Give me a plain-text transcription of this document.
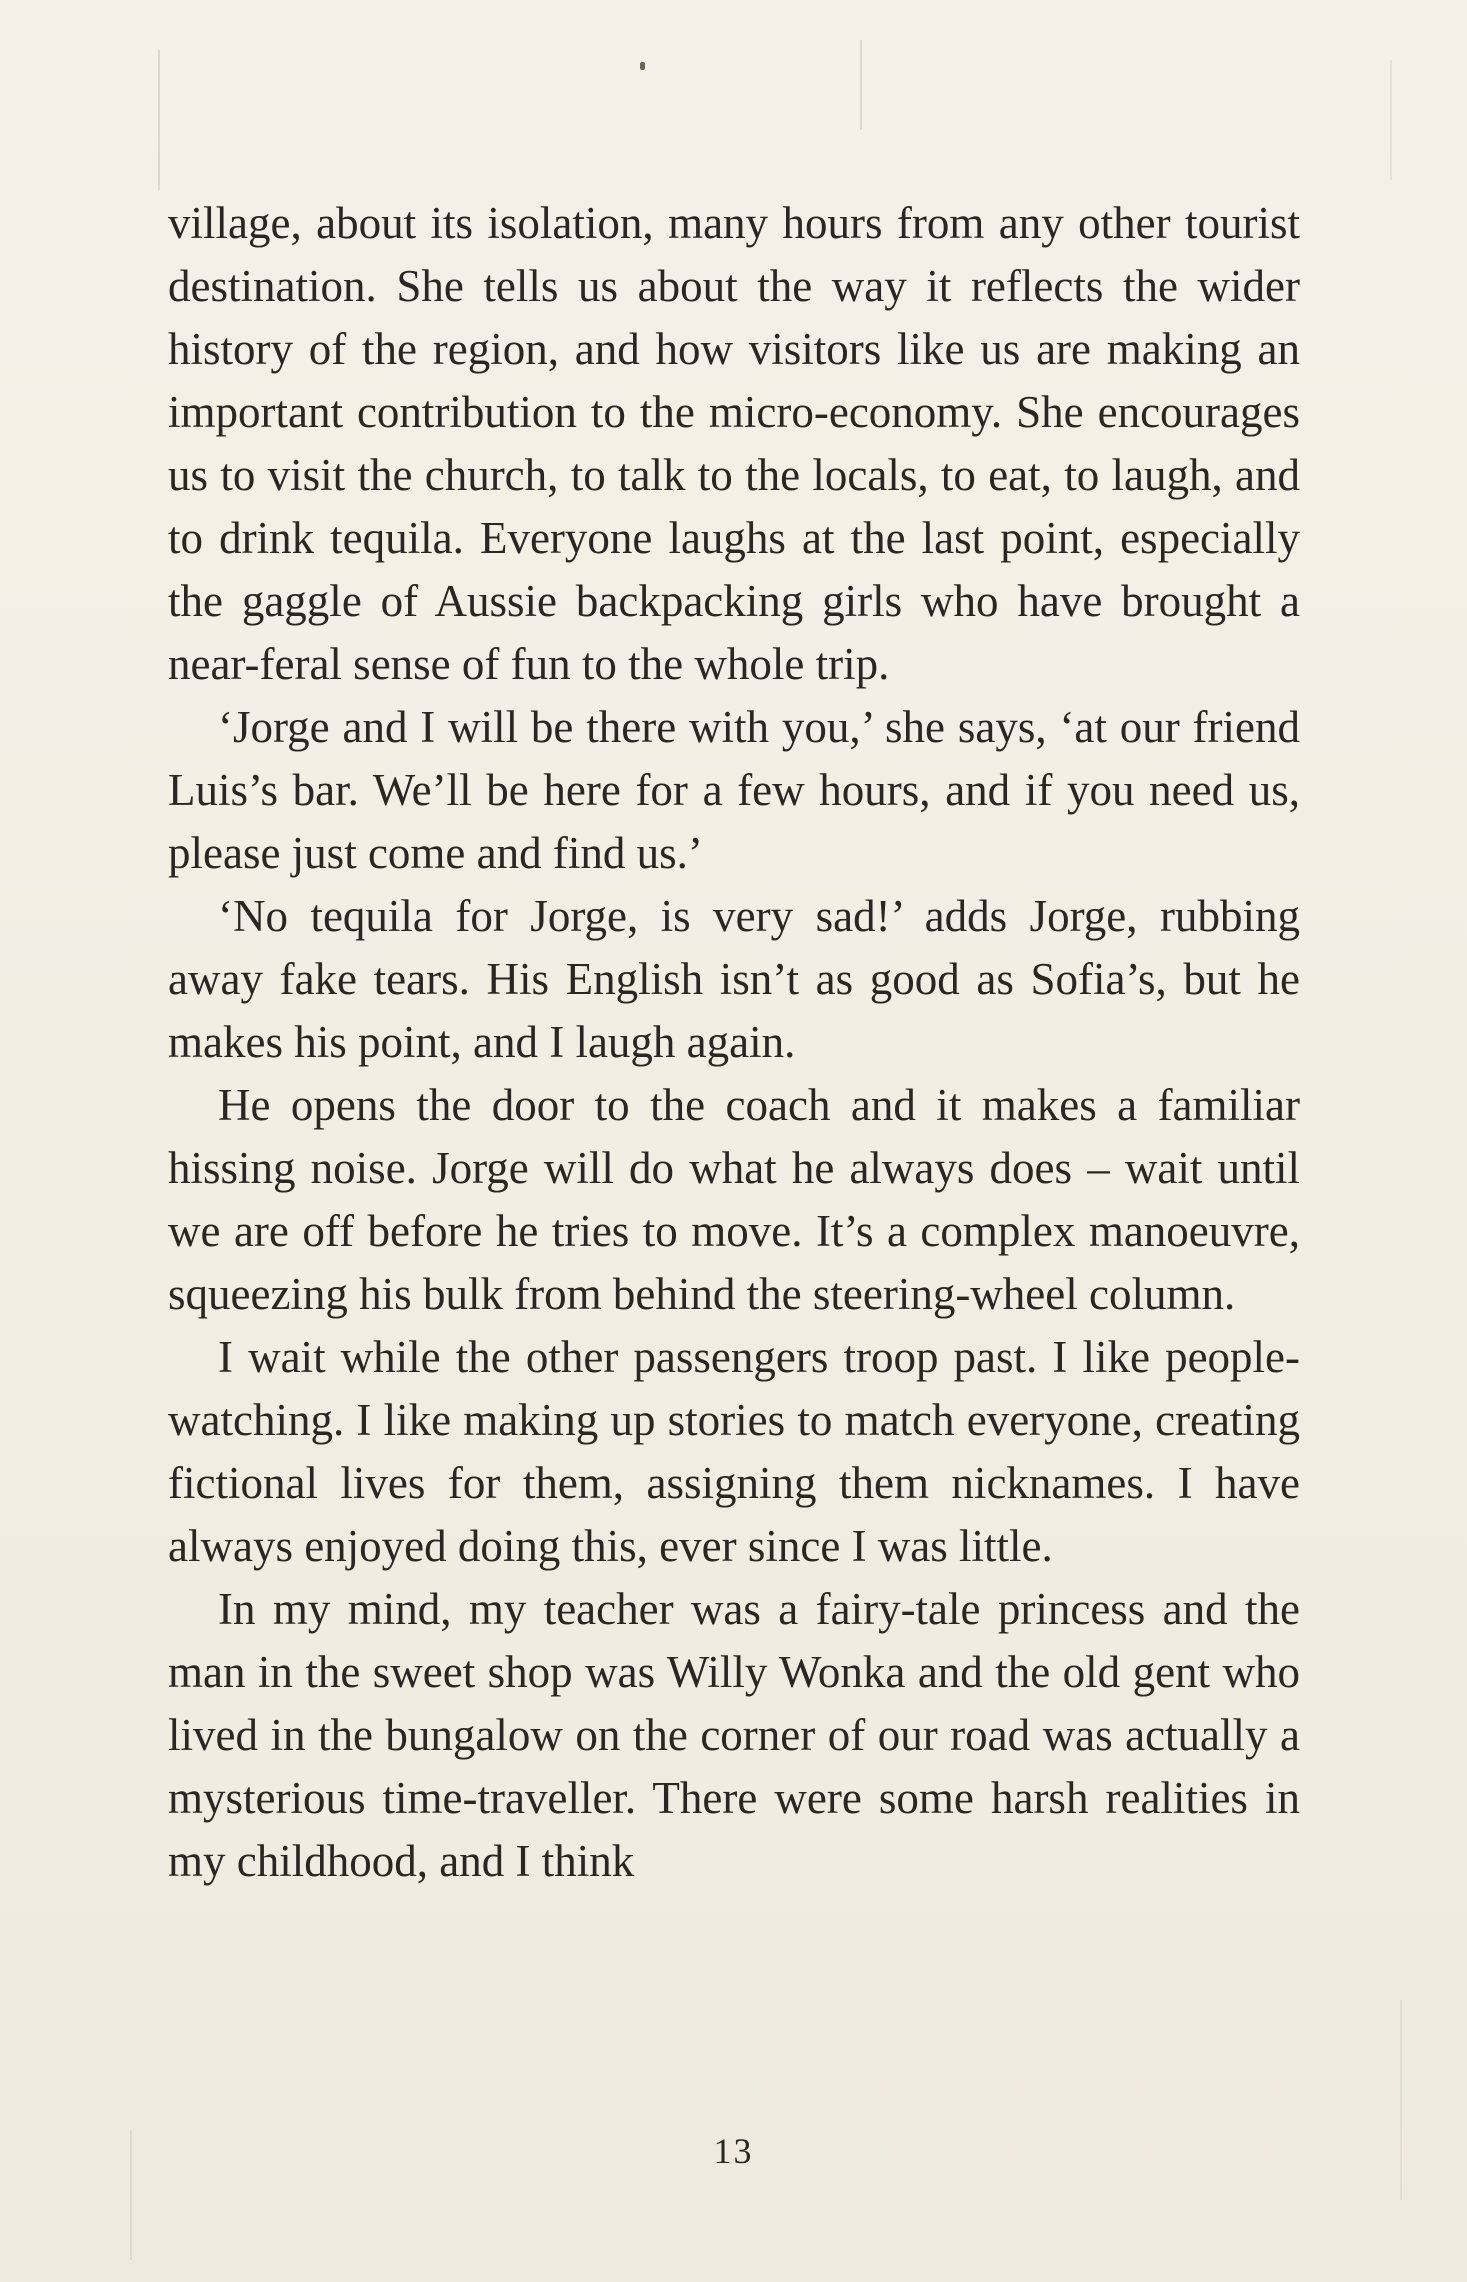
village, about its isolation, many hours from any other tourist destination. She tells us about the way it reflects the wider history of the region, and how visitors like us are making an important contribution to the micro-economy. She encourages us to visit the church, to talk to the locals, to eat, to laugh, and to drink tequila. Everyone laughs at the last point, especially the gaggle of Aussie backpacking girls who have brought a near-feral sense of fun to the whole trip.

‘Jorge and I will be there with you,’ she says, ‘at our friend Luis’s bar. We’ll be here for a few hours, and if you need us, please just come and find us.’

‘No tequila for Jorge, is very sad!’ adds Jorge, rubbing away fake tears. His English isn’t as good as Sofia’s, but he makes his point, and I laugh again.

He opens the door to the coach and it makes a familiar hissing noise. Jorge will do what he always does – wait until we are off before he tries to move. It’s a complex manoeuvre, squeezing his bulk from behind the steering-wheel column.

I wait while the other passengers troop past. I like people-watching. I like making up stories to match everyone, creating fictional lives for them, assigning them nicknames. I have always enjoyed doing this, ever since I was little.

In my mind, my teacher was a fairy-tale princess and the man in the sweet shop was Willy Wonka and the old gent who lived in the bungalow on the corner of our road was actually a mysterious time-traveller. There were some harsh realities in my childhood, and I think

13
